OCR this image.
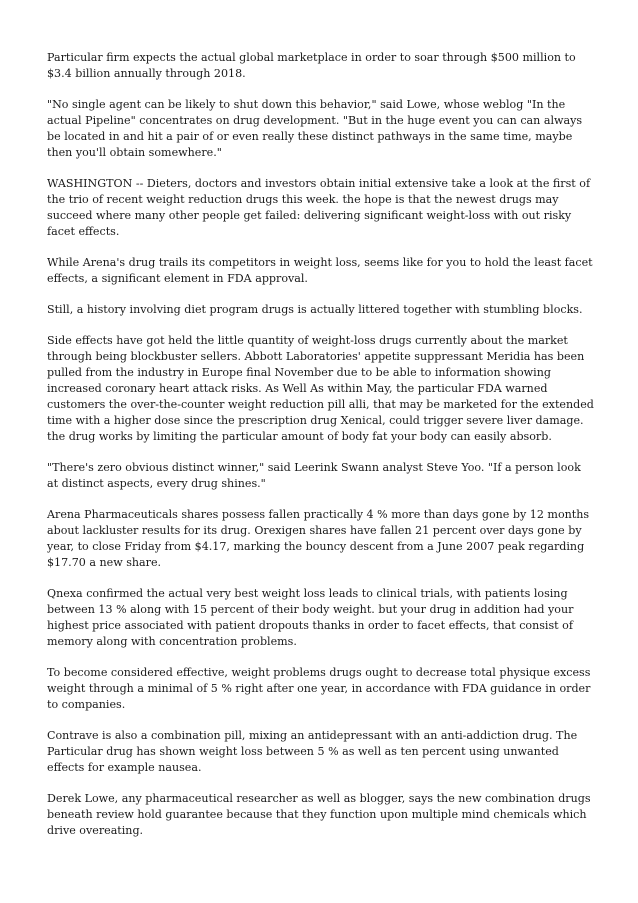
Particular firm expects the actual global marketplace in order to soar through $500 million to $3.4 billion annually through 2018.

"No single agent can be likely to shut down this behavior," said Lowe, whose weblog "In the actual Pipeline" concentrates on drug development. "But in the huge event you can can always be located in and hit a pair of or even really these distinct pathways in the same time, maybe then you'll obtain somewhere."

WASHINGTON -- Dieters, doctors and investors obtain initial extensive take a look at the first of the trio of recent weight reduction drugs this week. the hope is that the newest drugs may succeed where many other people get failed: delivering significant weight-loss with out risky facet effects.

While Arena's drug trails its competitors in weight loss, seems like for you to hold the least facet effects, a significant element in FDA approval.

Still, a history involving diet program drugs is actually littered together with stumbling blocks.

Side effects have got held the little quantity of weight-loss drugs currently about the market through being blockbuster sellers. Abbott Laboratories' appetite suppressant Meridia has been pulled from the industry in Europe final November due to be able to information showing increased coronary heart attack risks. As Well As within May, the particular FDA warned customers the over-the-counter weight reduction pill alli, that may be marketed for the extended time with a higher dose since the prescription drug Xenical, could trigger severe liver damage. the drug works by limiting the particular amount of body fat your body can easily absorb.

"There's zero obvious distinct winner," said Leerink Swann analyst Steve Yoo. "If a person look at distinct aspects, every drug shines."

Arena Pharmaceuticals shares possess fallen practically 4 % more than days gone by 12 months about lackluster results for its drug. Orexigen shares have fallen 21 percent over days gone by year, to close Friday from $4.17, marking the bouncy descent from a June 2007 peak regarding $17.70 a new share.

Qnexa confirmed the actual very best weight loss leads to clinical trials, with patients losing between 13 % along with 15 percent of their body weight. but your drug in addition had your highest price associated with patient dropouts thanks in order to facet effects, that consist of memory along with concentration problems.

To become considered effective, weight problems drugs ought to decrease total physique excess weight through a minimal of 5 % right after one year, in accordance with FDA guidance in order to companies.

Contrave is also a combination pill, mixing an antidepressant with an anti-addiction drug. The Particular drug has shown weight loss between 5 % as well as ten percent using unwanted effects for example nausea.

Derek Lowe, any pharmaceutical researcher as well as blogger, says the new combination drugs beneath review hold guarantee because that they function upon multiple mind chemicals which drive overeating.
